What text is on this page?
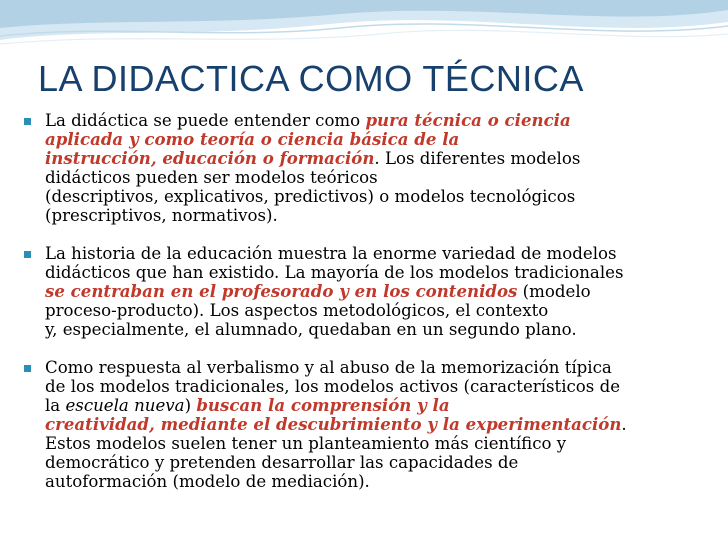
LA DIDACTICA COMO TÉCNICA
La didáctica se puede entender como pura técnica o ciencia
aplicada y como teoría o ciencia básica de la
instrucción, educación o formación. Los diferentes modelos
didácticos pueden ser modelos teóricos
(descriptivos, explicativos, predictivos) o modelos tecnológicos
(prescriptivos, normativos).
La historia de la educación muestra la enorme variedad de modelos
didácticos que han existido. La mayoría de los modelos tradicionales
se centraban en el profesorado y en los contenidos (modelo
proceso-producto). Los aspectos metodológicos, el contexto
y, especialmente, el alumnado, quedaban en un segundo plano.
Como respuesta al verbalismo y al abuso de la memorización típica
de los modelos tradicionales, los modelos activos (característicos de
la escuela nueva) buscan la comprensión y la
creatividad, mediante el descubrimiento y la experimentación.
Estos modelos suelen tener un planteamiento más científico y
democrático y pretenden desarrollar las capacidades de
autoformación (modelo de mediación).
